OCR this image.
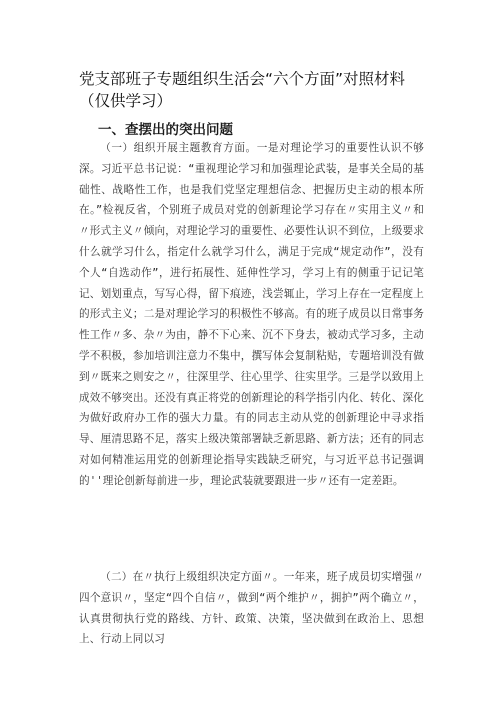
党支部班子专题组织生活会“六个方面”对照材料（仅供学习）
一、查摆出的突出问题

（一）组织开展主题教育方面。一是对理论学习的重要性认识不够深。习近平总书记说：“重视理论学习和加强理论武装，是事关全局的基础性、战略性工作，也是我们党坚定理想信念、把握历史主动的根本所在。”检视反省，个别班子成员对党的创新理论学习存在〃实用主义〃和〃形式主义〃倾向，对理论学习的重要性、必要性认识不到位，上级要求什么就学习什么，指定什么就学习什么，满足于完成“规定动作”，没有个人“自选动作”，进行拓展性、延伸性学习，学习上有的侧重于记记笔记、划划重点，写写心得，留下痕迹，浅尝辄止，学习上存在一定程度上的形式主义；二是对理论学习的积极性不够高。有的班子成员以日常事务性工作〃多、杂〃为由，静不下心来、沉不下身去，被动式学习多，主动学不积极，参加培训注意力不集中，撰写体会复制粘贴，专题培训没有做到〃既来之则安之〃，往深里学、往心里学、往实里学。三是学以致用上成效不够突出。还没有真正将党的创新理论的科学指引内化、转化、深化为做好政府办工作的强大力量。有的同志主动从党的创新理论中寻求指导、厘清思路不足，落实上级决策部署缺乏新思路、新方法；还有的同志对如何精准运用党的创新理论指导实践缺乏研究，与习近平总书记强调的''理论创新每前进一步，理论武装就要跟进一步〃还有一定差距。

（二）在〃执行上级组织决定方面〃。一年来，班子成员切实增强〃四个意识〃，坚定“四个自信〃，做到“两个维护〃，拥护”两个确立〃，认真贯彻执行党的路线、方针、政策、决策，坚决做到在政治上、思想上、行动上同以习
